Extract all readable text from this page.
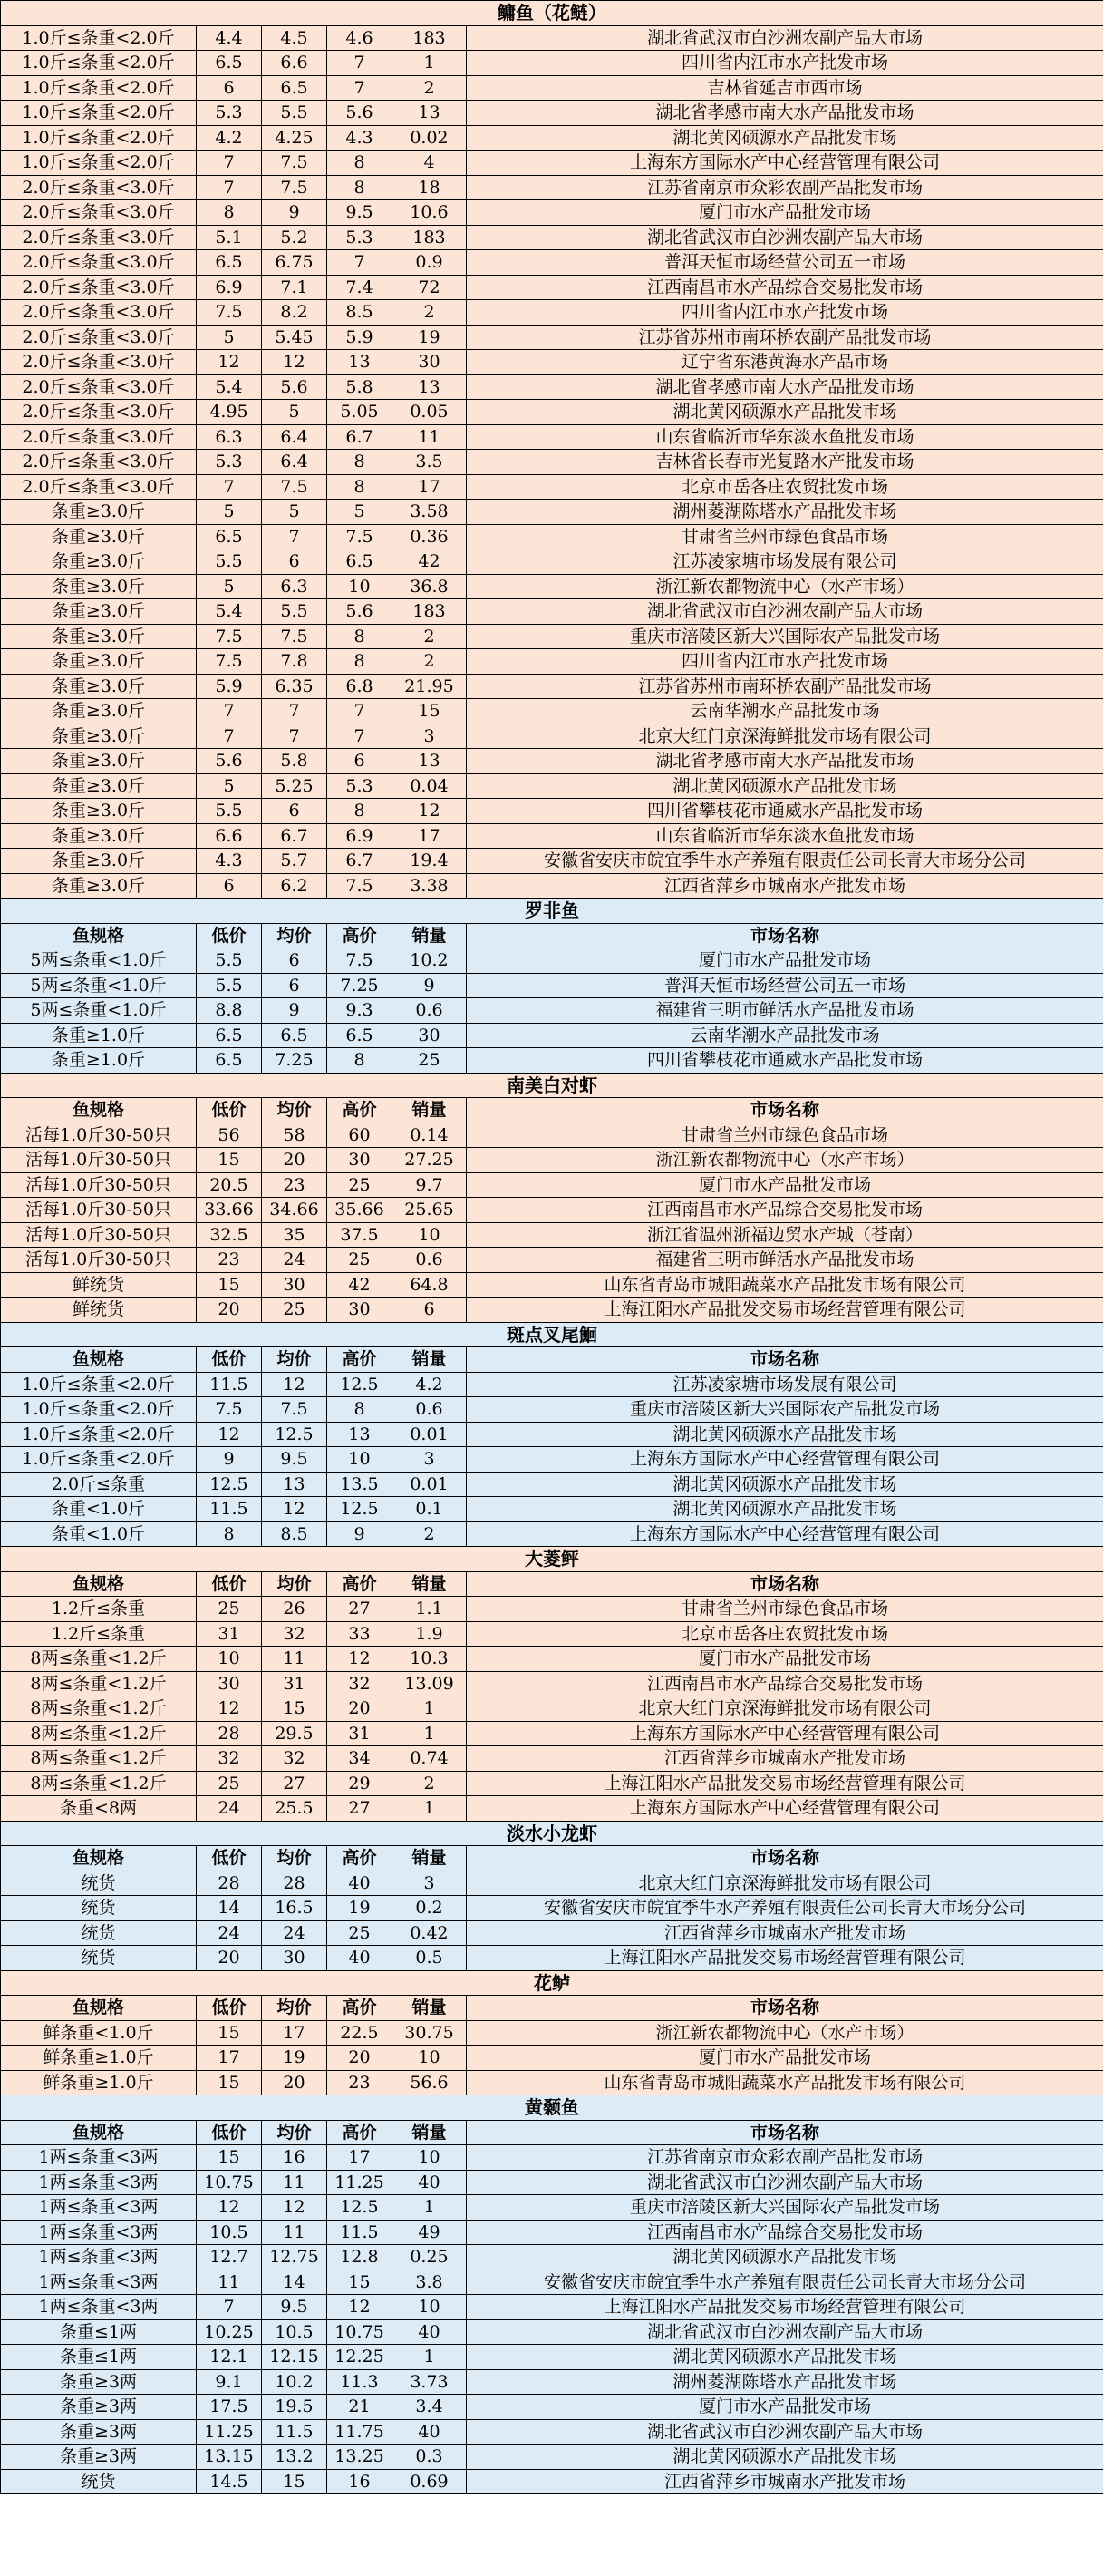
鳙鱼（花鲢）					
1.0斤≤条重<2.0斤	4.4	4.5	4.6	183	湖北省武汉市白沙洲农副产品大市场
1.0斤≤条重<2.0斤	6.5	6.6	7	1	四川省内江市水产批发市场
1.0斤≤条重<2.0斤	6	6.5	7	2	吉林省延吉市西市场
1.0斤≤条重<2.0斤	5.3	5.5	5.6	13	湖北省孝感市南大水产品批发市场
1.0斤≤条重<2.0斤	4.2	4.25	4.3	0.02	湖北黄冈硕源水产品批发市场
1.0斤≤条重<2.0斤	7	7.5	8	4	上海东方国际水产中心经营管理有限公司
2.0斤≤条重<3.0斤	7	7.5	8	18	江苏省南京市众彩农副产品批发市场
2.0斤≤条重<3.0斤	8	9	9.5	10.6	厦门市水产品批发市场
2.0斤≤条重<3.0斤	5.1	5.2	5.3	183	湖北省武汉市白沙洲农副产品大市场
2.0斤≤条重<3.0斤	6.5	6.75	7	0.9	普洱天恒市场经营公司五一市场
2.0斤≤条重<3.0斤	6.9	7.1	7.4	72	江西南昌市水产品综合交易批发市场
2.0斤≤条重<3.0斤	7.5	8.2	8.5	2	四川省内江市水产批发市场
2.0斤≤条重<3.0斤	5	5.45	5.9	19	江苏省苏州市南环桥农副产品批发市场
2.0斤≤条重<3.0斤	12	12	13	30	辽宁省东港黄海水产品市场
2.0斤≤条重<3.0斤	5.4	5.6	5.8	13	湖北省孝感市南大水产品批发市场
2.0斤≤条重<3.0斤	4.95	5	5.05	0.05	湖北黄冈硕源水产品批发市场
2.0斤≤条重<3.0斤	6.3	6.4	6.7	11	山东省临沂市华东淡水鱼批发市场
2.0斤≤条重<3.0斤	5.3	6.4	8	3.5	吉林省长春市光复路水产批发市场
2.0斤≤条重<3.0斤	7	7.5	8	17	北京市岳各庄农贸批发市场
条重≥3.0斤	5	5	5	3.58	湖州菱湖陈塔水产品批发市场
条重≥3.0斤	6.5	7	7.5	0.36	甘肃省兰州市绿色食品市场
条重≥3.0斤	5.5	6	6.5	42	江苏凌家塘市场发展有限公司
条重≥3.0斤	5	6.3	10	36.8	浙江新农都物流中心（水产市场）
条重≥3.0斤	5.4	5.5	5.6	183	湖北省武汉市白沙洲农副产品大市场
条重≥3.0斤	7.5	7.5	8	2	重庆市涪陵区新大兴国际农产品批发市场
条重≥3.0斤	7.5	7.8	8	2	四川省内江市水产批发市场
条重≥3.0斤	5.9	6.35	6.8	21.95	江苏省苏州市南环桥农副产品批发市场
条重≥3.0斤	7	7	7	15	云南华潮水产品批发市场
条重≥3.0斤	7	7	7	3	北京大红门京深海鲜批发市场有限公司
条重≥3.0斤	5.6	5.8	6	13	湖北省孝感市南大水产品批发市场
条重≥3.0斤	5	5.25	5.3	0.04	湖北黄冈硕源水产品批发市场
条重≥3.0斤	5.5	6	8	12	四川省攀枝花市通威水产品批发市场
条重≥3.0斤	6.6	6.7	6.9	17	山东省临沂市华东淡水鱼批发市场
条重≥3.0斤	4.3	5.7	6.7	19.4	安徽省安庆市皖宜季牛水产养殖有限责任公司长青大市场分公司
条重≥3.0斤	6	6.2	7.5	3.38	江西省萍乡市城南水产批发市场
罗非鱼					
鱼规格	低价	均价	高价	销量	市场名称
5两≤条重<1.0斤	5.5	6	7.5	10.2	厦门市水产品批发市场
5两≤条重<1.0斤	5.5	6	7.25	9	普洱天恒市场经营公司五一市场
5两≤条重<1.0斤	8.8	9	9.3	0.6	福建省三明市鲜活水产品批发市场
条重≥1.0斤	6.5	6.5	6.5	30	云南华潮水产品批发市场
条重≥1.0斤	6.5	7.25	8	25	四川省攀枝花市通威水产品批发市场
南美白对虾					
鱼规格	低价	均价	高价	销量	市场名称
活每1.0斤30-50只	56	58	60	0.14	甘肃省兰州市绿色食品市场
活每1.0斤30-50只	15	20	30	27.25	浙江新农都物流中心（水产市场）
活每1.0斤30-50只	20.5	23	25	9.7	厦门市水产品批发市场
活每1.0斤30-50只	33.66	34.66	35.66	25.65	江西南昌市水产品综合交易批发市场
活每1.0斤30-50只	32.5	35	37.5	10	浙江省温州浙福边贸水产城（苍南）
活每1.0斤30-50只	23	24	25	0.6	福建省三明市鲜活水产品批发市场
鲜统货	15	30	42	64.8	山东省青岛市城阳蔬菜水产品批发市场有限公司
鲜统货	20	25	30	6	上海江阳水产品批发交易市场经营管理有限公司
斑点叉尾鮰					
鱼规格	低价	均价	高价	销量	市场名称
1.0斤≤条重<2.0斤	11.5	12	12.5	4.2	江苏凌家塘市场发展有限公司
1.0斤≤条重<2.0斤	7.5	7.5	8	0.6	重庆市涪陵区新大兴国际农产品批发市场
1.0斤≤条重<2.0斤	12	12.5	13	0.01	湖北黄冈硕源水产品批发市场
1.0斤≤条重<2.0斤	9	9.5	10	3	上海东方国际水产中心经营管理有限公司
2.0斤≤条重	12.5	13	13.5	0.01	湖北黄冈硕源水产品批发市场
条重<1.0斤	11.5	12	12.5	0.1	湖北黄冈硕源水产品批发市场
条重<1.0斤	8	8.5	9	2	上海东方国际水产中心经营管理有限公司
大菱鲆					
鱼规格	低价	均价	高价	销量	市场名称
1.2斤≤条重	25	26	27	1.1	甘肃省兰州市绿色食品市场
1.2斤≤条重	31	32	33	1.9	北京市岳各庄农贸批发市场
8两≤条重<1.2斤	10	11	12	10.3	厦门市水产品批发市场
8两≤条重<1.2斤	30	31	32	13.09	江西南昌市水产品综合交易批发市场
8两≤条重<1.2斤	12	15	20	1	北京大红门京深海鲜批发市场有限公司
8两≤条重<1.2斤	28	29.5	31	1	上海东方国际水产中心经营管理有限公司
8两≤条重<1.2斤	32	32	34	0.74	江西省萍乡市城南水产批发市场
8两≤条重<1.2斤	25	27	29	2	上海江阳水产品批发交易市场经营管理有限公司
条重<8两	24	25.5	27	1	上海东方国际水产中心经营管理有限公司
淡水小龙虾					
鱼规格	低价	均价	高价	销量	市场名称
统货	28	28	40	3	北京大红门京深海鲜批发市场有限公司
统货	14	16.5	19	0.2	安徽省安庆市皖宜季牛水产养殖有限责任公司长青大市场分公司
统货	24	24	25	0.42	江西省萍乡市城南水产批发市场
统货	20	30	40	0.5	上海江阳水产品批发交易市场经营管理有限公司
花鲈					
鱼规格	低价	均价	高价	销量	市场名称
鲜条重<1.0斤	15	17	22.5	30.75	浙江新农都物流中心（水产市场）
鲜条重≥1.0斤	17	19	20	10	厦门市水产品批发市场
鲜条重≥1.0斤	15	20	23	56.6	山东省青岛市城阳蔬菜水产品批发市场有限公司
黄颡鱼					
鱼规格	低价	均价	高价	销量	市场名称
1两≤条重<3两	15	16	17	10	江苏省南京市众彩农副产品批发市场
1两≤条重<3两	10.75	11	11.25	40	湖北省武汉市白沙洲农副产品大市场
1两≤条重<3两	12	12	12.5	1	重庆市涪陵区新大兴国际农产品批发市场
1两≤条重<3两	10.5	11	11.5	49	江西南昌市水产品综合交易批发市场
1两≤条重<3两	12.7	12.75	12.8	0.25	湖北黄冈硕源水产品批发市场
1两≤条重<3两	11	14	15	3.8	安徽省安庆市皖宜季牛水产养殖有限责任公司长青大市场分公司
1两≤条重<3两	7	9.5	12	10	上海江阳水产品批发交易市场经营管理有限公司
条重≤1两	10.25	10.5	10.75	40	湖北省武汉市白沙洲农副产品大市场
条重≤1两	12.1	12.15	12.25	1	湖北黄冈硕源水产品批发市场
条重≥3两	9.1	10.2	11.3	3.73	湖州菱湖陈塔水产品批发市场
条重≥3两	17.5	19.5	21	3.4	厦门市水产品批发市场
条重≥3两	11.25	11.5	11.75	40	湖北省武汉市白沙洲农副产品大市场
条重≥3两	13.15	13.2	13.25	0.3	湖北黄冈硕源水产品批发市场
统货	14.5	15	16	0.69	江西省萍乡市城南水产批发市场
